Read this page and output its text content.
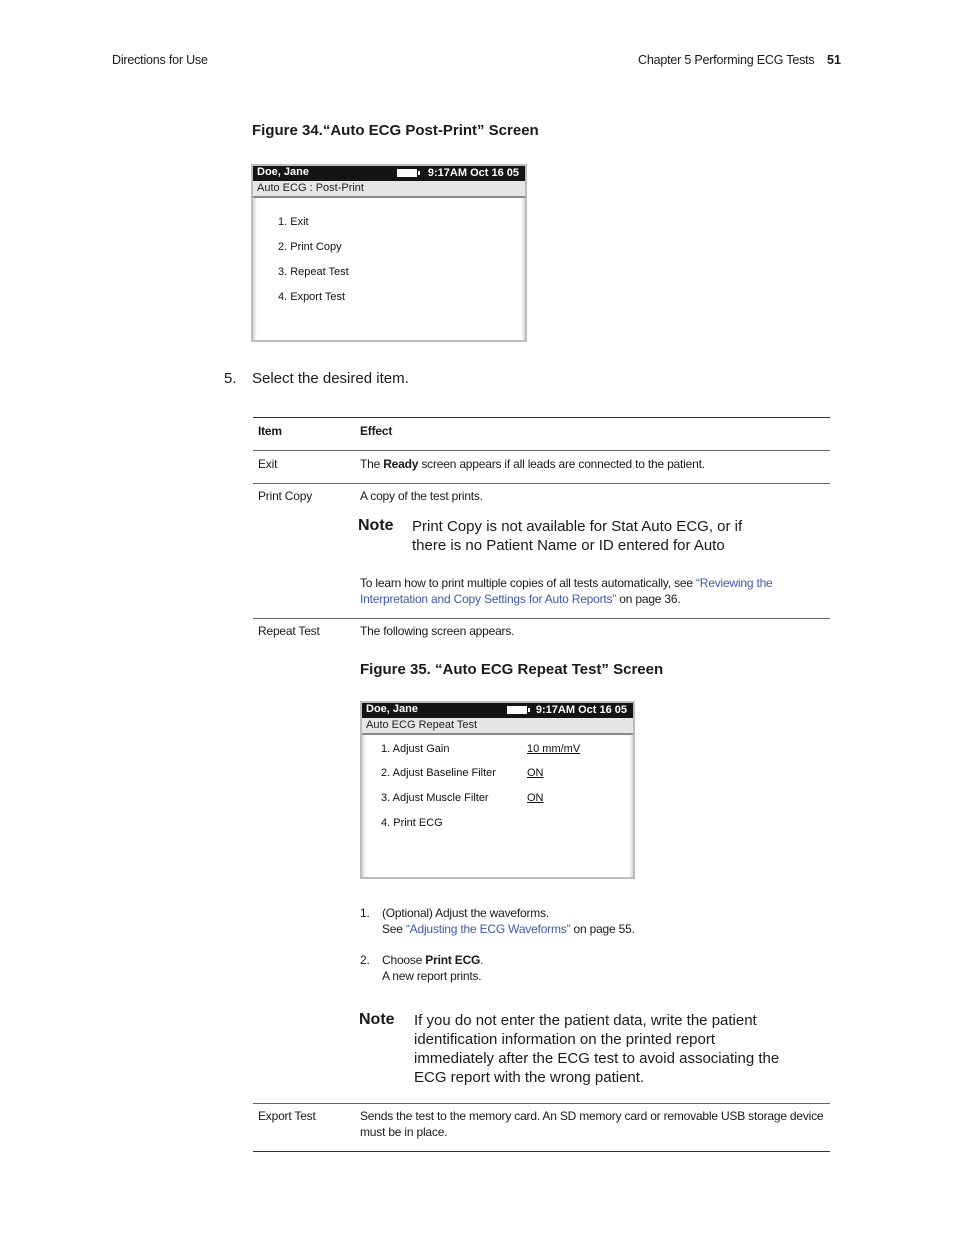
Directions for Use	Chapter 5 Performing ECG Tests 51
Figure 34.“Auto ECG Post-Print” Screen
Doe, Jane	9:17AM Oct 16 05
Auto ECG : Post-Print
1. Exit
2. Print Copy
3. Repeat Test
4. Export Test
5. Select the desired item.
Item	Effect
Exit	The Ready screen appears if all leads are connected to the patient.
Print Copy	A copy of the test prints.
Note Print Copy is not available for Stat Auto ECG, or if
there is no Patient Name or ID entered for Auto
To learn how to print multiple copies of all tests automatically, see “Reviewing the
Interpretation and Copy Settings for Auto Reports” on page 36.
Repeat Test	The following screen appears.
Figure 35. “Auto ECG Repeat Test” Screen
Doe, Jane	9:17AM Oct 16 05
Auto ECG Repeat Test
1. Adjust Gain	10 mm/mV
2. Adjust Baseline Filter	ON
3. Adjust Muscle Filter	ON
4. Print ECG
1. (Optional) Adjust the waveforms.
See “Adjusting the ECG Waveforms” on page 55.
2. Choose Print ECG.
A new report prints.
Note If you do not enter the patient data, write the patient
identification information on the printed report
immediately after the ECG test to avoid associating the
ECG report with the wrong patient.
Export Test	Sends the test to the memory card. An SD memory card or removable USB storage device
must be in place.
